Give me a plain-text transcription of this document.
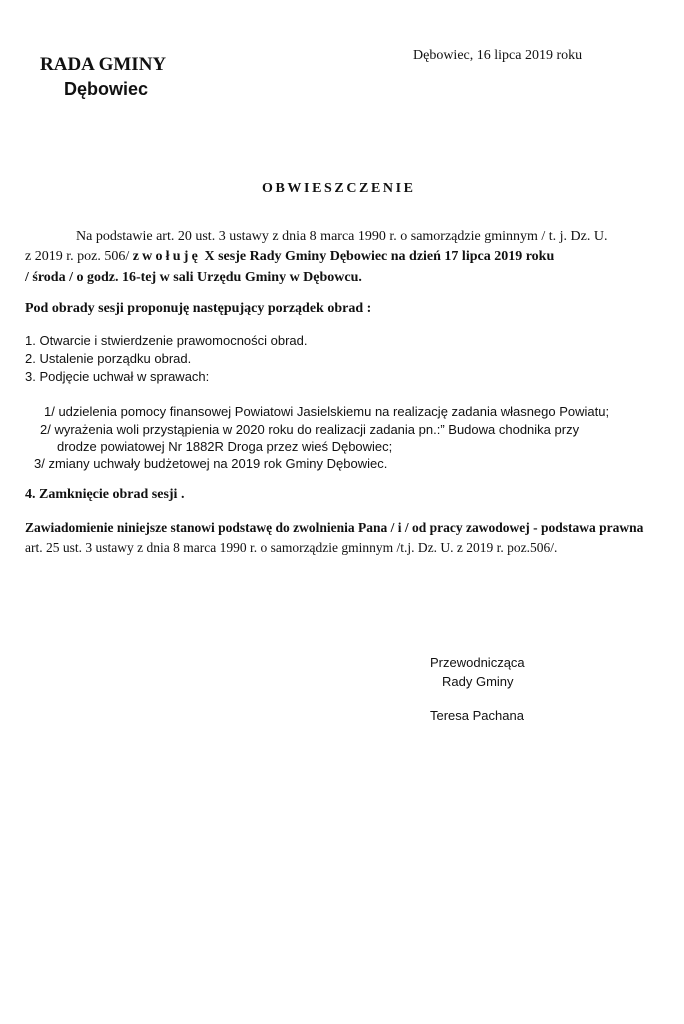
RADA GMINY
Dębowiec
Dębowiec, 16 lipca 2019 roku
OBWIESZCZENIE
Na podstawie art. 20 ust. 3 ustawy z dnia 8 marca 1990 r. o samorządzie gminnym / t. j. Dz. U.
z 2019 r. poz. 506/ zwołuję X sesje Rady Gminy Dębowiec na dzień 17 lipca 2019 roku
/ środa / o godz. 16-tej w sali Urzędu Gminy w Dębowcu.
Pod obrady sesji proponuję następujący porządek obrad :
1. Otwarcie i stwierdzenie prawomocności obrad.
2. Ustalenie porządku obrad.
3. Podjęcie uchwał w sprawach:
1/ udzielenia pomocy finansowej Powiatowi Jasielskiemu na realizację zadania własnego Powiatu;
2/ wyrażenia woli przystąpienia w 2020 roku do realizacji zadania pn.:” Budowa chodnika przy
drodze powiatowej Nr 1882R Droga przez wieś Dębowiec;
3/ zmiany uchwały budżetowej na 2019 rok Gminy Dębowiec.
4. Zamknięcie obrad sesji .
Zawiadomienie niniejsze stanowi podstawę do zwolnienia Pana / i / od pracy zawodowej - podstawa prawna
art. 25 ust. 3 ustawy z dnia 8 marca 1990 r. o samorządzie gminnym /t.j. Dz. U. z 2019 r. poz.506/.
Przewodnicząca
Rady Gminy
Teresa Pachana
